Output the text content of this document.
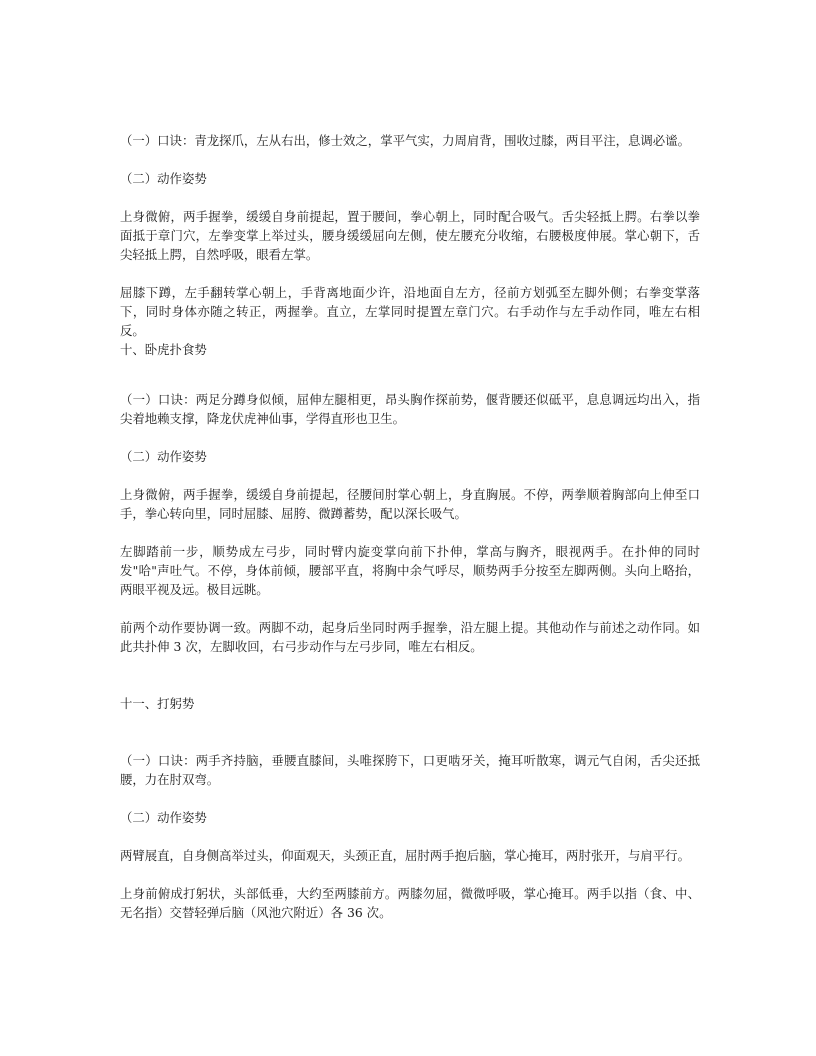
（一）口诀：青龙探爪，左从右出，修士效之，掌平气实，力周肩背，围收过膝，两目平注，息调必谧。

（二）动作姿势

上身微俯，两手握拳，缓缓自身前提起，置于腰间，拳心朝上，同时配合吸气。舌尖轻抵上腭。右拳以拳面抵于章门穴，左拳变掌上举过头，腰身缓缓屈向左侧，使左腰充分收缩，右腰极度伸展。掌心朝下，舌尖轻抵上腭，自然呼吸，眼看左掌。

屈膝下蹲，左手翻转掌心朝上，手背离地面少许，沿地面自左方，径前方划弧至左脚外侧；右拳变掌落下，同时身体亦随之转正，两握拳。直立，左掌同时提置左章门穴。右手动作与左手动作同，唯左右相反。

十、卧虎扑食势

（一）口诀：两足分蹲身似倾，屈伸左腿相更，昂头胸作探前势，偃背腰还似砥平，息息调远均出入，指尖着地赖支撑，降龙伏虎神仙事，学得直形也卫生。

（二）动作姿势

上身微俯，两手握拳，缓缓自身前提起，径腰间肘掌心朝上，身直胸展。不停，两拳顺着胸部向上伸至口手，拳心转向里，同时屈膝、屈胯、微蹲蓄势，配以深长吸气。

左脚踏前一步，顺势成左弓步，同时臂内旋变掌向前下扑伸，掌高与胸齐，眼视两手。在扑伸的同时发"哈"声吐气。不停，身体前倾，腰部平直，将胸中余气呼尽，顺势两手分按至左脚两侧。头向上略抬，两眼平视及远。极目远眺。

前两个动作要协调一致。两脚不动，起身后坐同时两手握拳，沿左腿上提。其他动作与前述之动作同。如此共扑伸 3 次，左脚收回，右弓步动作与左弓步同，唯左右相反。

十一、打躬势

（一）口诀：两手齐持脑，垂腰直膝间，头唯探胯下，口更啮牙关，掩耳听散寒，调元气自闲，舌尖还抵腰，力在肘双弯。

（二）动作姿势

两臂展直，自身侧高举过头，仰面观天，头颈正直，屈肘两手抱后脑，掌心掩耳，两肘张开，与肩平行。

上身前俯成打躬状，头部低垂，大约至两膝前方。两膝勿屈，微微呼吸，掌心掩耳。两手以指（食、中、无名指）交替轻弹后脑（风池穴附近）各 36 次。
